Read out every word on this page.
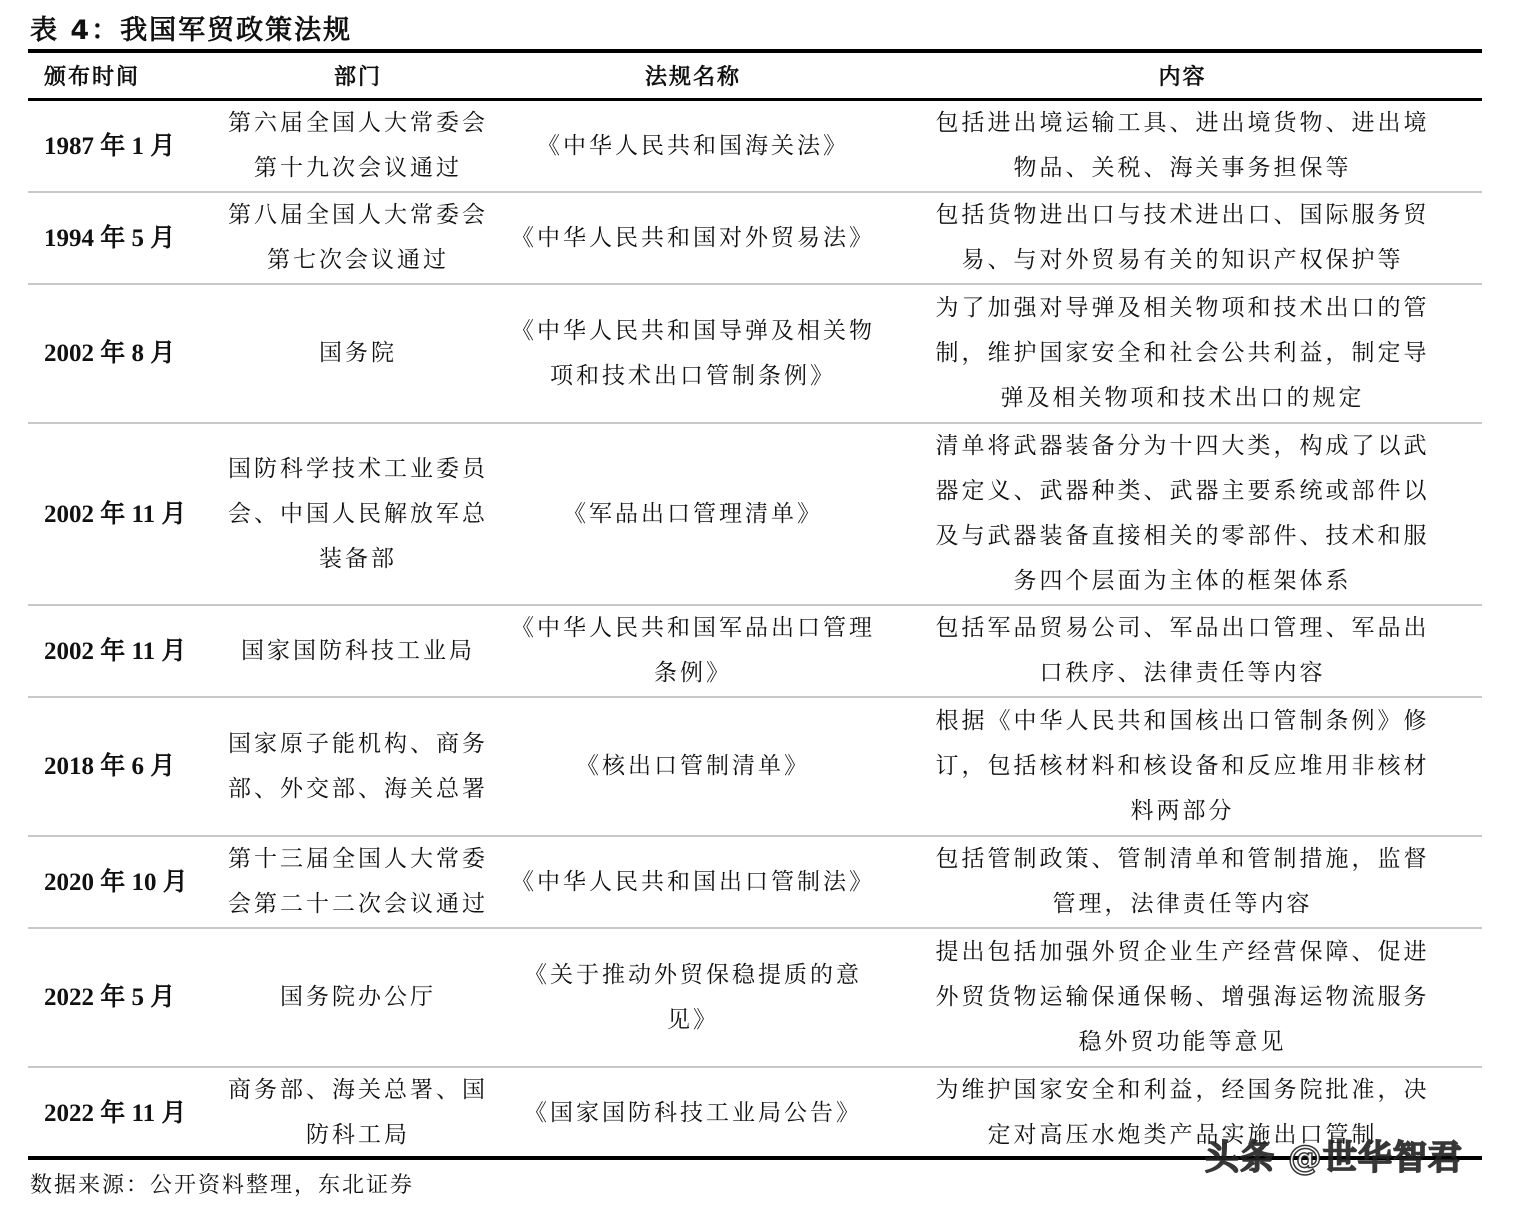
表 4：我国军贸政策法规
颁布时间	部门	法规名称	内容
1987 年 1 月	第六届全国人大常委会
第十九次会议通过	《中华人民共和国海关法》	包括进出境运输工具、进出境货物、进出境
物品、关税、海关事务担保等

1994 年 5 月	第八届全国人大常委会
第七次会议通过	《中华人民共和国对外贸易法》	包括货物进出口与技术进出口、国际服务贸
易、与对外贸易有关的知识产权保护等

2002 年 8 月	国务院	《中华人民共和国导弹及相关物
项和技术出口管制条例》	为了加强对导弹及相关物项和技术出口的管
制，维护国家安全和社会公共利益，制定导
弹及相关物项和技术出口的规定

2002 年 11 月	国防科学技术工业委员
会、中国人民解放军总
装备部	《军品出口管理清单》	清单将武器装备分为十四大类，构成了以武
器定义、武器种类、武器主要系统或部件以
及与武器装备直接相关的零部件、技术和服
务四个层面为主体的框架体系

2002 年 11 月	国家国防科技工业局	《中华人民共和国军品出口管理
条例》	包括军品贸易公司、军品出口管理、军品出
口秩序、法律责任等内容

2018 年 6 月	国家原子能机构、商务
部、外交部、海关总署	《核出口管制清单》	根据《中华人民共和国核出口管制条例》修
订，包括核材料和核设备和反应堆用非核材
料两部分

2020 年 10 月	第十三届全国人大常委
会第二十二次会议通过	《中华人民共和国出口管制法》	包括管制政策、管制清单和管制措施，监督
管理，法律责任等内容

2022 年 5 月	国务院办公厅	《关于推动外贸保稳提质的意
见》	提出包括加强外贸企业生产经营保障、促进
外贸货物运输保通保畅、增强海运物流服务
稳外贸功能等意见

2022 年 11 月	商务部、海关总署、国
防科工局	《国家国防科技工业局公告》	为维护国家安全和利益，经国务院批准，决
定对高压水炮类产品实施出口管制
数据来源：公开资料整理，东北证券
头条 @世华智君
